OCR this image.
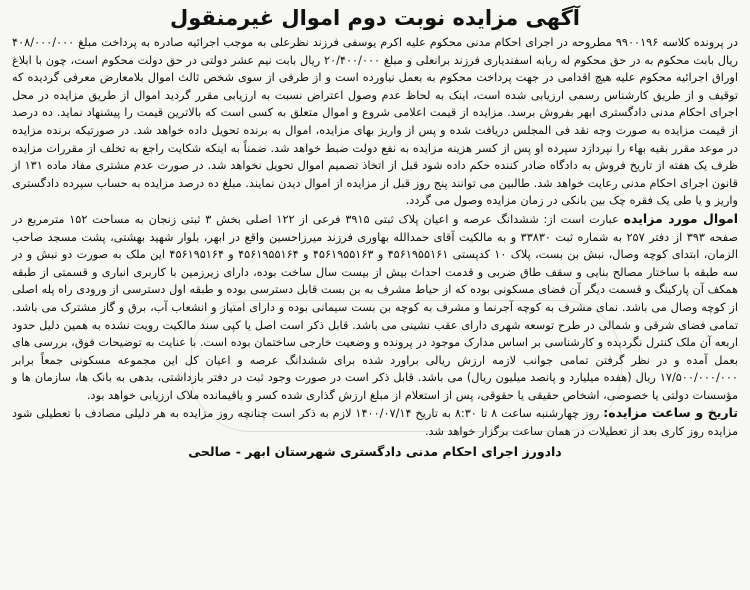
آگهی مزایده نوبت دوم اموال غیرمنقول

در پرونده کلاسه ۹۹۰۰۱۹۶ مطروحه در اجرای احکام مدنی محکوم علیه اکرم یوسفی فرزند نظرعلی به موجب اجرائیه صادره به پرداخت مبلغ ۴۰۸/۰۰۰/۰۰۰ ریال بابت محکوم به در حق محکوم له ربابه اسفندیاری فرزند برانعلی و مبلغ ۲۰/۴۰۰/۰۰۰ ریال بابت نیم عشر دولتی در حق دولت محکوم است، چون با ابلاغ اوراق اجرائیه محکوم علیه هیچ اقدامی در جهت پرداخت محکوم به بعمل نیاورده است و از طرفی از سوی شخص ثالث اموال بلامعارض معرفی گردیده که توقیف و از طریق کارشناس رسمی ارزیابی شده است، اینک به لحاظ عدم وصول اعتراض نسبت به ارزیابی مقرر گردید اموال از طریق مزایده در محل اجرای احکام مدنی دادگستری ابهر بفروش برسد. مزایده از قیمت اعلامی شروع و اموال متعلق به کسی است که بالاترین قیمت را پیشنهاد نماید. ده درصد از قیمت مزایده به صورت وجه نقد فی المجلس دریافت شده و پس از واریز بهای مزایده، اموال به برنده تحویل داده خواهد شد. در صورتیکه برنده مزایده در موعد مقرر بقیه بهاء را نپردازد سپرده او پس از کسر هزینه مزایده به نفع دولت ضبط خواهد شد. ضمناً به اینکه شکایت راجع به تخلف از مقررات مزایده ظرف یک هفته از تاریخ فروش به دادگاه صادر کننده حکم داده شود قبل از اتخاذ تصمیم اموال تحویل نخواهد شد. در صورت عدم مشتری مفاد ماده ۱۳۱ از قانون اجرای احکام مدنی رعایت خواهد شد. طالبین می توانند پنج روز قبل از مزایده از اموال دیدن نمایند. مبلغ ده درصد مزایده به حساب سپرده دادگستری واریز و یا طی یک فقره چک بین بانکی در زمان مزایده وصول می گردد.

اموال مورد مزایده عبارت است از: ششدانگ عرصه و اعیان پلاک ثبتی ۳۹۱۵ فرعی از ۱۲۲ اصلی بخش ۳ ثبتی زنجان به مساحت ۱۵۲ مترمربع در صفحه ۳۹۳ از دفتر ۲۵۷ به شماره ثبت ۳۳۸۳۰ و به مالکیت آقای حمدالله بهاوری فرزند میرزاحسین واقع در ابهر، بلوار شهید بهشتی، پشت مسجد صاحب الزمان، ابتدای کوچه وصال، نبش بن بست، پلاک ۱۰ کدپستی ۴۵۶۱۹۵۵۱۶۱ و ۴۵۶۱۹۵۵۱۶۳ و ۴۵۶۱۹۵۵۱۶۴ و ۴۵۶۱۹۵۱۶۴ این ملک به صورت دو نبش و در سه طبقه با ساختار مصالح بنایی و سقف طاق ضربی و قدمت احداث بیش از بیست سال ساخت بوده، دارای زیرزمین با کاربری انباری و قسمتی از طبقه همکف آن پارکینگ و قسمت دیگر آن فضای مسکونی بوده که از حیاط مشرف به بن بست قابل دسترسی بوده و طبقه اول دسترسی از ورودی راه پله اصلی از کوچه وصال می باشد. نمای مشرف به کوچه آجرنما و مشرف به کوچه بن بست سیمانی بوده و دارای امتیاز و انشعاب آب، برق و گاز مشترک می باشد. تمامی فضای شرقی و شمالی در طرح توسعه شهری دارای عقب نشینی می باشد. قابل ذکر است اصل یا کپی سند مالکیت رویت نشده به همین دلیل حدود اربعه آن ملک کنترل نگردیده و کارشناسی بر اساس مدارک موجود در پرونده و وضعیت خارجی ساختمان بوده است. با عنایت به توضیحات فوق، بررسی های بعمل آمده و در نظر گرفتن تمامی جوانب لازمه ارزش ریالی براورد شده برای ششدانگ عرصه و اعیان کل این مجموعه مسکونی جمعاً برابر ۱۷/۵۰۰/۰۰۰/۰۰۰ ریال (هفده میلیارد و پانصد میلیون ریال) می باشد. قابل ذکر است در صورت وجود ثبت در دفتر بازداشتی، بدهی به بانک ها، سازمان ها و مؤسسات دولتی یا خصوصی، اشخاص حقیقی یا حقوقی، پس از استعلام از مبلغ ارزش گذاری شده کسر و باقیمانده ملاک ارزیابی خواهد بود.

تاریخ و ساعت مزایده: روز چهارشنبه ساعت ۸ تا ۸:۳۰ به تاریخ ۱۴۰۰/۰۷/۱۴ لازم به ذکر است چنانچه روز مزایده به هر دلیلی مصادف با تعطیلی شود مزایده روز کاری بعد از تعطیلات در همان ساعت برگزار خواهد شد.

دادورز اجرای احکام مدنی دادگستری شهرستان ابهر - صالحی
